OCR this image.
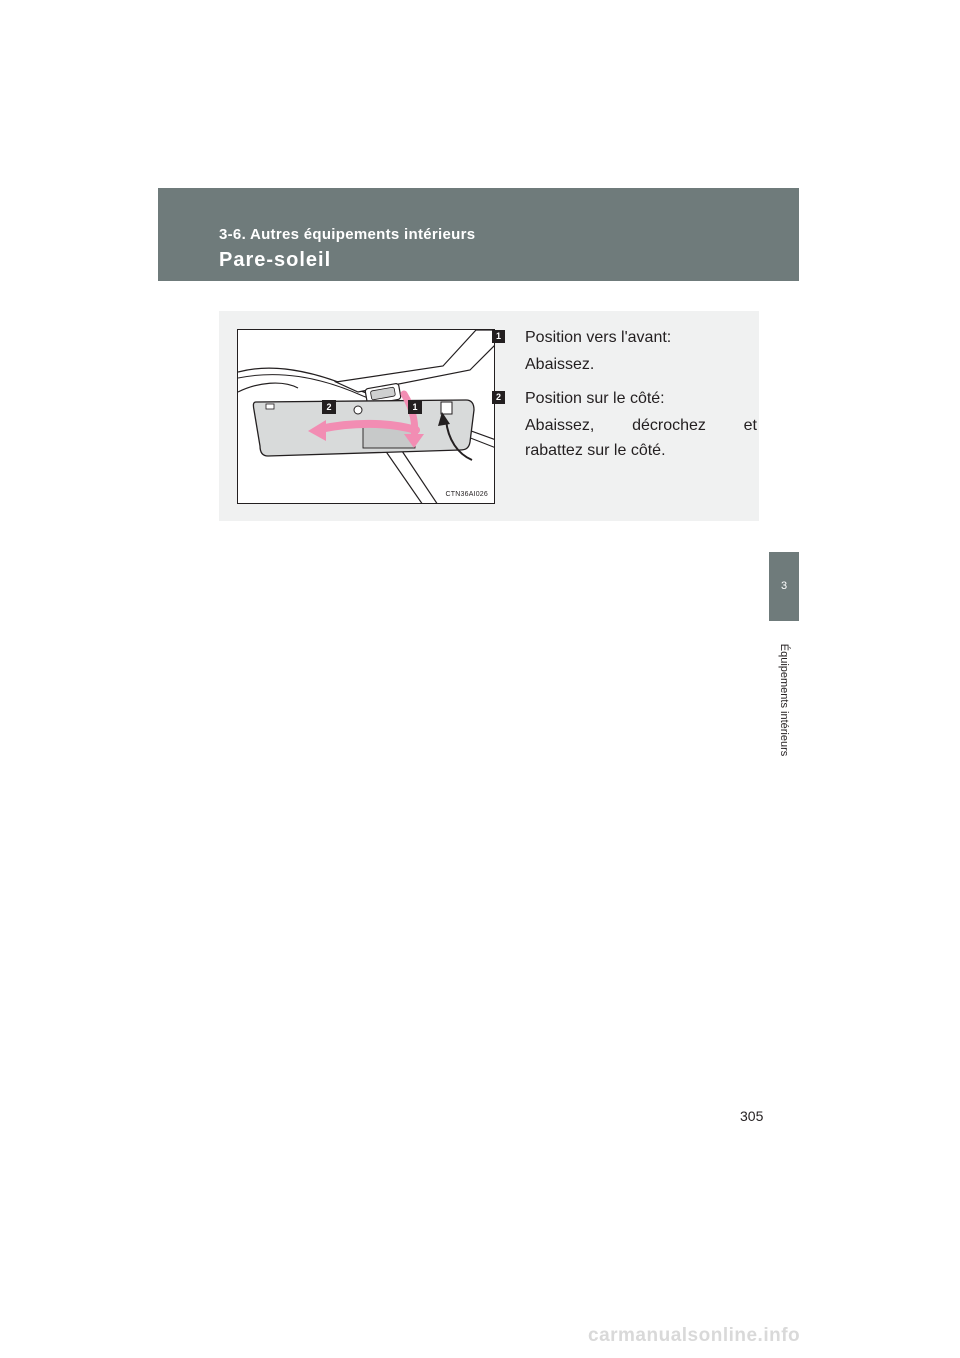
3-6. Autres équipements intérieurs
Pare-soleil
2	1
CTN36AI026
1 Position vers l'avant:
Abaissez.
2 Position sur le côté:
Abaissez, décrochez et
rabattez sur le côté.
3
Équipements intérieurs
305
carmanualsonline.info
